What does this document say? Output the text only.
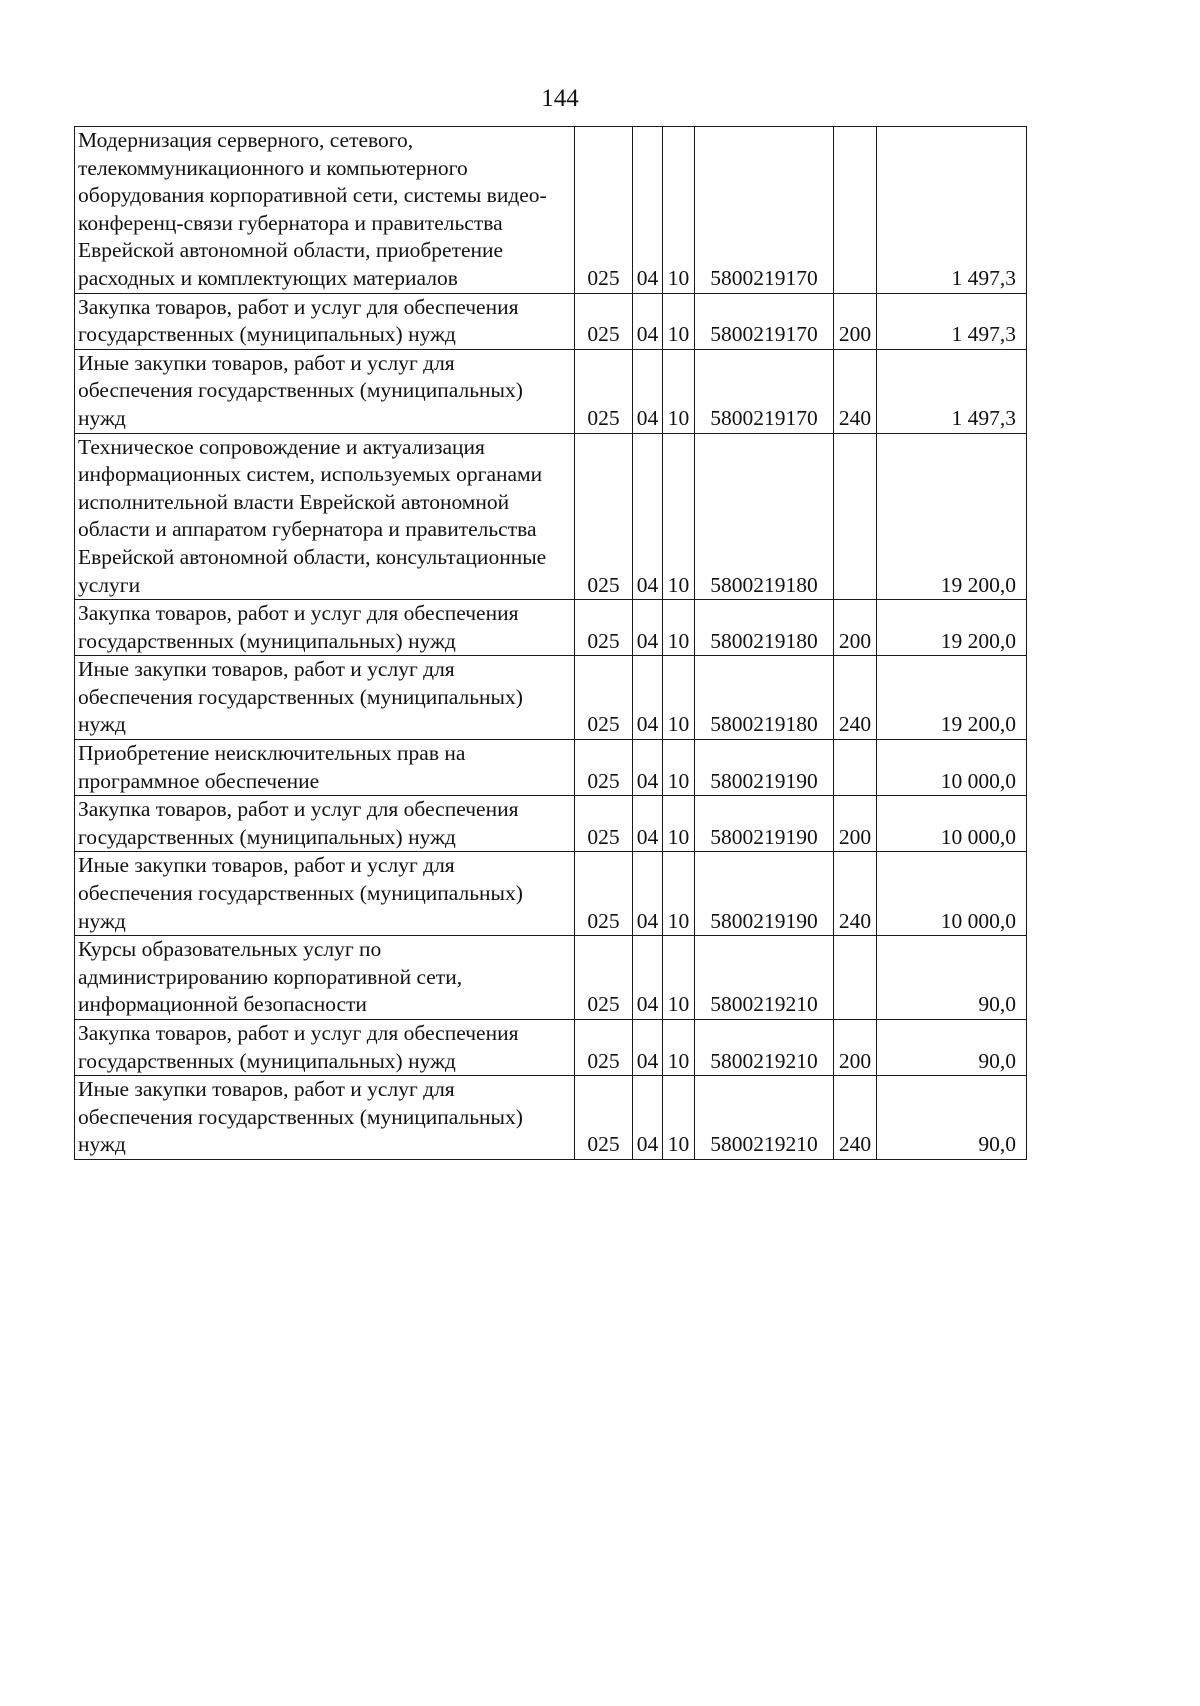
144
Модернизация серверного, сетевого, телекоммуникационного и компьютерного оборудования корпоративной сети, системы видео-конференц-связи губернатора и правительства Еврейской автономной области, приобретение расходных и комплектующих материалов	025	04	10	5800219170		1 497,3
Закупка товаров, работ и услуг для обеспечения государственных (муниципальных) нужд	025	04	10	5800219170	200	1 497,3
Иные закупки товаров, работ и услуг для обеспечения государственных (муниципальных) нужд	025	04	10	5800219170	240	1 497,3
Техническое сопровождение и актуализация информационных систем, используемых органами исполнительной власти Еврейской автономной области и аппаратом губернатора и правительства Еврейской автономной области, консультационные услуги	025	04	10	5800219180		19 200,0
Закупка товаров, работ и услуг для обеспечения государственных (муниципальных) нужд	025	04	10	5800219180	200	19 200,0
Иные закупки товаров, работ и услуг для обеспечения государственных (муниципальных) нужд	025	04	10	5800219180	240	19 200,0
Приобретение неисключительных прав на программное обеспечение	025	04	10	5800219190		10 000,0
Закупка товаров, работ и услуг для обеспечения государственных (муниципальных) нужд	025	04	10	5800219190	200	10 000,0
Иные закупки товаров, работ и услуг для обеспечения государственных (муниципальных) нужд	025	04	10	5800219190	240	10 000,0
Курсы образовательных услуг по администрированию корпоративной сети, информационной безопасности	025	04	10	5800219210		90,0
Закупка товаров, работ и услуг для обеспечения государственных (муниципальных) нужд	025	04	10	5800219210	200	90,0
Иные закупки товаров, работ и услуг для обеспечения государственных (муниципальных) нужд	025	04	10	5800219210	240	90,0
